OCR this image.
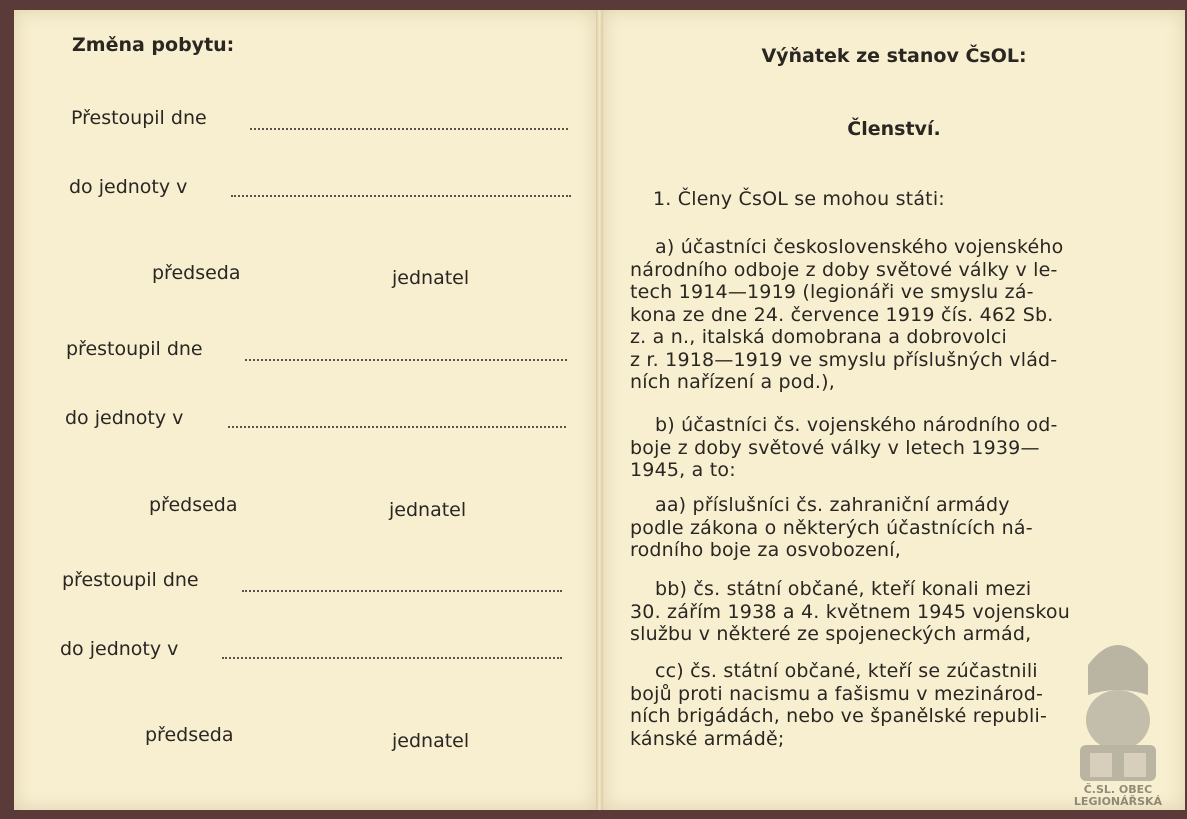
Změna pobytu:
Přestoupil dne
do jednoty v
předseda	jednatel
přestoupil dne
do jednoty v
předseda	jednatel
přestoupil dne
do jednoty v
předseda	jednatel
Výňatek ze stanov ČsOL:
Členství.
1. Členy ČsOL se mohou státi:
a) účastníci československého vojenského
národního odboje z doby světové války v le-
tech 1914—1919 (legionáři ve smyslu zá-
kona ze dne 24. července 1919 čís. 462 Sb.
z. a n., italská domobrana a dobrovolci
z r. 1918—1919 ve smyslu příslušných vlád-
ních nařízení a pod.),
b) účastníci čs. vojenského národního od-
boje z doby světové války v letech 1939—
1945, a to:
aa) příslušníci čs. zahraniční armády
podle zákona o některých účastnících ná-
rodního boje za osvobození,
bb) čs. státní občané, kteří konali mezi
30. zářím 1938 a 4. květnem 1945 vojenskou
službu v některé ze spojeneckých armád,
cc) čs. státní občané, kteří se zúčastnili
bojů proti nacismu a fašismu v mezinárod-
ních brigádách, nebo ve španělské republi-
kánské armádě;
Č.SL. OBEC
LEGIONÁŘSKÁ
